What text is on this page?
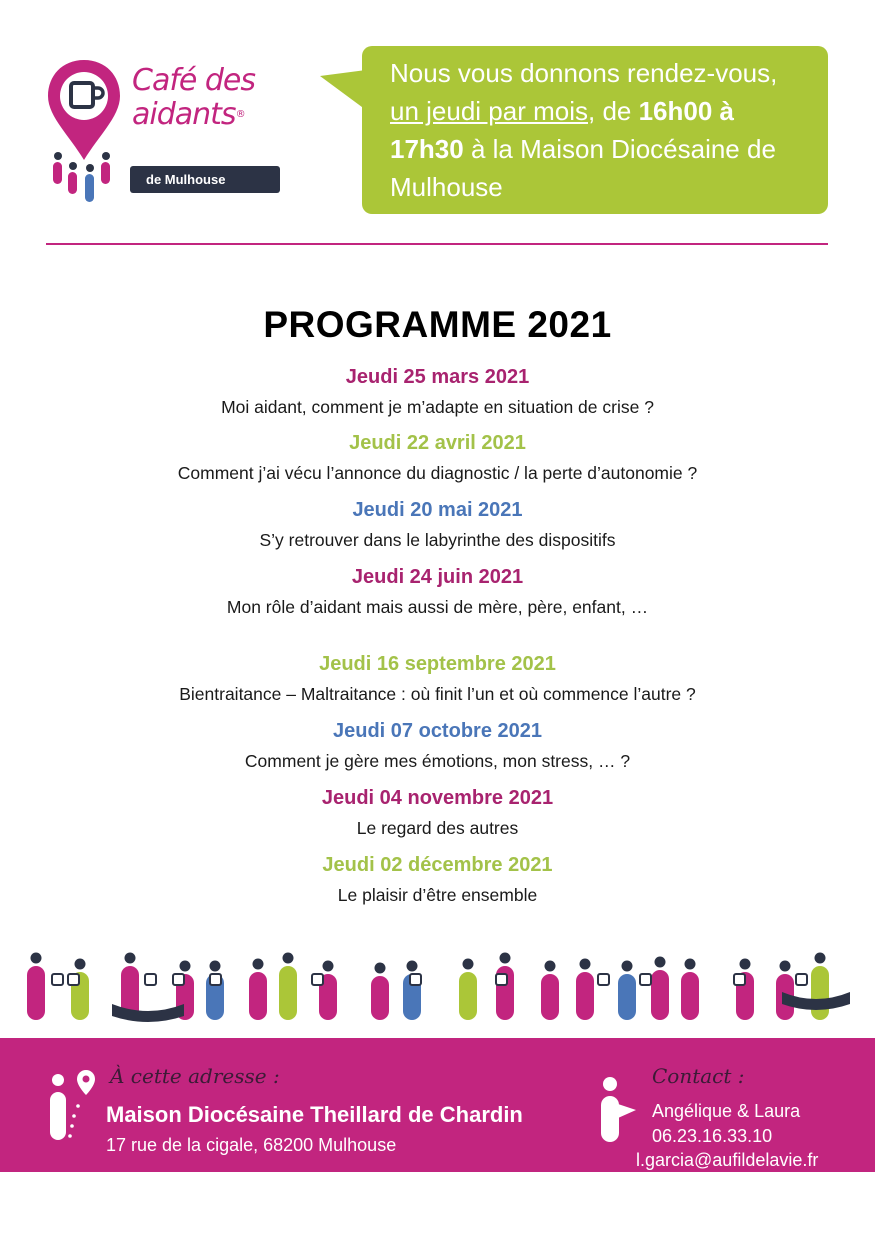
Café des
aidants®
de Mulhouse
Nous vous donnons rendez-vous, un jeudi par mois, de 16h00 à 17h30 à la Maison Diocésaine de Mulhouse
PROGRAMME 2021
Jeudi 25 mars 2021
Moi aidant, comment je m’adapte en situation de crise ?
Jeudi 22 avril 2021
Comment j’ai vécu l’annonce du diagnostic / la perte d’autonomie ?
Jeudi 20 mai 2021
S’y retrouver dans le labyrinthe des dispositifs
Jeudi 24 juin 2021
Mon rôle d’aidant mais aussi de mère, père, enfant, …
Jeudi 16 septembre 2021
Bientraitance – Maltraitance : où finit l’un et où commence l’autre ?
Jeudi 07 octobre 2021
Comment je gère mes émotions, mon stress, … ?
Jeudi 04 novembre 2021
Le regard des autres
Jeudi 02 décembre 2021
Le plaisir d’être ensemble
À cette adresse :
Maison Diocésaine Theillard de Chardin
17 rue de la cigale, 68200 Mulhouse
Contact :
Angélique & Laura
06.23.16.33.10
l.garcia@aufildelavie.fr
